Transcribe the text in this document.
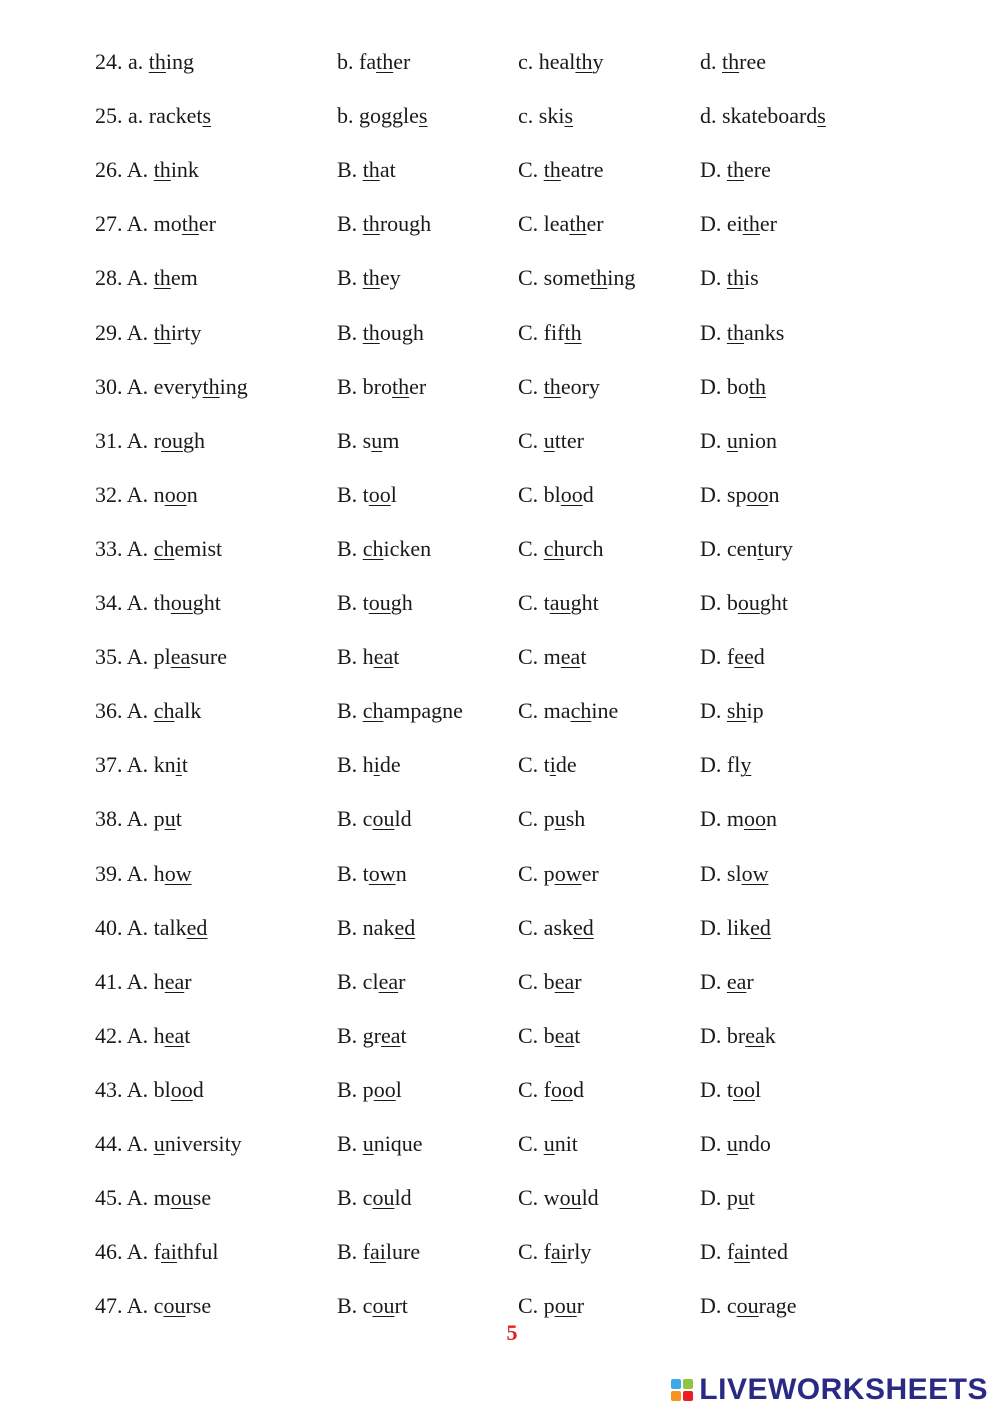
24. a. thing	b. father	c. healthy	d. three
25. a. rackets	b. goggles	c. skis	d. skateboards
26. A. think	B. that	C. theatre	D. there
27. A. mother	B. through	C. leather	D. either
28. A. them	B. they	C. something	D. this
29. A. thirty	B. though	C. fifth	D. thanks
30. A. everything	B. brother	C. theory	D. both
31. A. rough	B. sum	C. utter	D. union
32. A. noon	B. tool	C. blood	D. spoon
33. A. chemist	B. chicken	C. church	D. century
34. A. thought	B. tough	C. taught	D. bought
35. A. pleasure	B. heat	C. meat	D. feed
36. A. chalk	B. champagne	C. machine	D. ship
37. A. knit	B. hide	C. tide	D. fly
38. A. put	B. could	C. push	D. moon
39. A. how	B. town	C. power	D. slow
40. A. talked	B. naked	C. asked	D. liked
41. A. hear	B. clear	C. bear	D. ear
42. A. heat	B. great	C. beat	D. break
43. A. blood	B. pool	C. food	D. tool
44. A. university	B. unique	C. unit	D. undo
45. A. mouse	B. could	C. would	D. put
46. A. faithful	B. failure	C. fairly	D. fainted
47. A. course	B. court	C. pour	D. courage
5
LIVEWORKSHEETS
